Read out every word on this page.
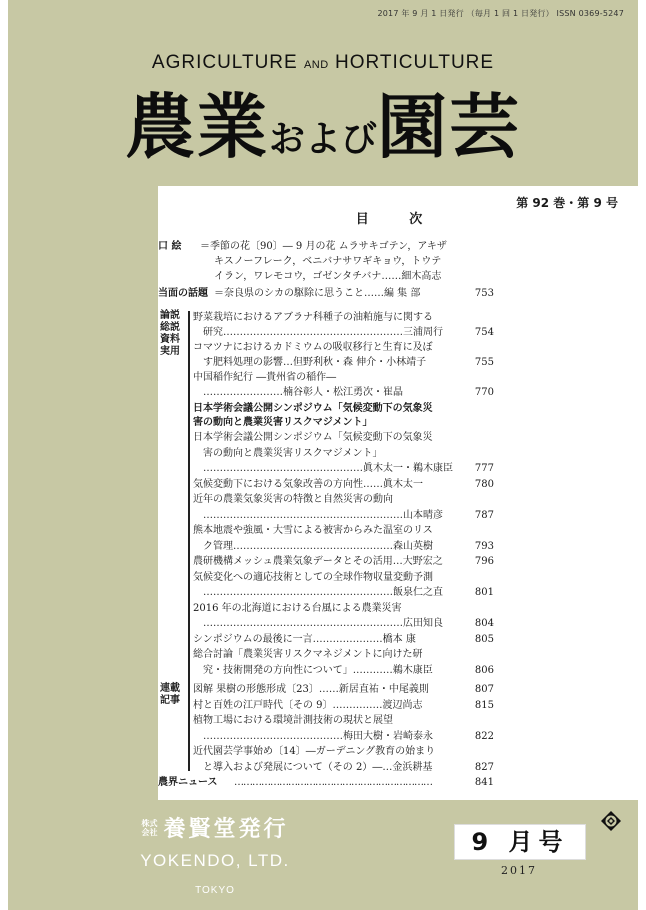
2017 年 9 月 1 日発行 （毎月 1 回 1 日発行） ISSN 0369-5247
AGRICULTURE AND HORTICULTURE
農業および園芸
第 92 巻・第 9 号
目 次
口 絵 ＝季節の花〔90〕― 9 月の花 ムラサキゴテン，アキザ
キスノーフレーク，ベニバナサワギキョウ，トウテ
イラン，ワレモコウ，ゴゼンタチバナ……細木高志
当面の話題 ＝奈良県のシカの駆除に思うこと……編 集 部	753
論説
総説
資料
実用
野菜栽培におけるアブラナ科種子の油粕施与に関する
　研究………………………………………………三浦周行	754
コマツナにおけるカドミウムの吸収移行と生育に及ぼ
　す肥料処理の影響…但野利秋・森 伸介・小林靖子	755
中国稲作紀行 ―貴州省の稲作―
　……………………楠谷彰人・松江勇次・崔晶	770
日本学術会議公開シンポジウム「気候変動下の気象災
害の動向と農業災害リスクマジメント」
日本学術会議公開シンポジウム「気候変動下の気象災
　害の動向と農業災害リスクマジメント」
　…………………………………………眞木太一・鵜木康臣	777
気候変動下における気象改善の方向性……眞木太一	780
近年の農業気象災害の特徴と自然災害の動向
　……………………………………………………山本晴彦	787
熊本地震や強風・大雪による被害からみた温室のリス
　ク管理…………………………………………森山英樹	793
農研機構メッシュ農業気象データとその活用…大野宏之	796
気候変化への適応技術としての全球作物収量変動予測
　…………………………………………………飯泉仁之直	801
2016 年の北海道における台風による農業災害
　……………………………………………………広田知良	804
シンポジウムの最後に一言…………………橋本 康	805
総合討論「農業災害リスクマネジメントに向けた研
　究・技術開発の方向性について」…………鵜木康臣	806
連載
記事
図解 果樹の形態形成〔23〕……新居直祐・中尾義則	807
村と百姓の江戸時代〔その 9〕……………渡辺尚志	815
植物工場における環境計測技術の現状と展望
　……………………………………梅田大樹・岩崎泰永	822
近代園芸学事始め〔14〕―ガーデニング教育の始まり
　と導入および発展について（その 2）―…金浜耕基	827
農界ニュース …………………………………………………………	841
株式
会社 養賢堂発行
YOKENDO, LTD.
TOKYO
9 月号
2017
